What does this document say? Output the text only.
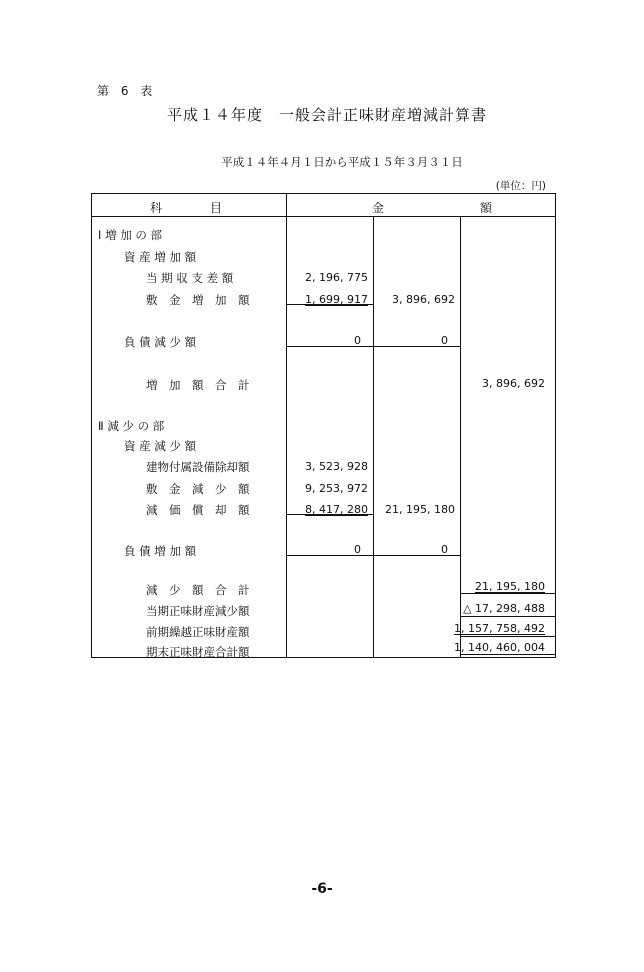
第 6 表
平成１４年度　一般会計正味財産増減計算書
平成１４年４月１日から平成１５年３月３１日
(単位：円)
科　　　　目	金　　　　　　　　額
Ⅰ 増 加 の 部
資 産 増 加 額
当 期 収 支 差 額
敷　金　増　加　額
負 債 減 少 額
増　加　額　合　計
Ⅱ 減 少 の 部
資 産 減 少 額
建物付属設備除却額
敷　金　減　少　額
減　価　償　却　額
負 債 増 加 額
減　少　額　合　計
当期正味財産減少額
前期繰越正味財産額
期末正味財産合計額
2, 196, 775
1, 699, 917
0
3, 523, 928
9, 253, 972
8, 417, 280
0
3, 896, 692
0
21, 195, 180
0
3, 896, 692
21, 195, 180
△ 17, 298, 488
1, 157, 758, 492
1, 140, 460, 004
-6-
